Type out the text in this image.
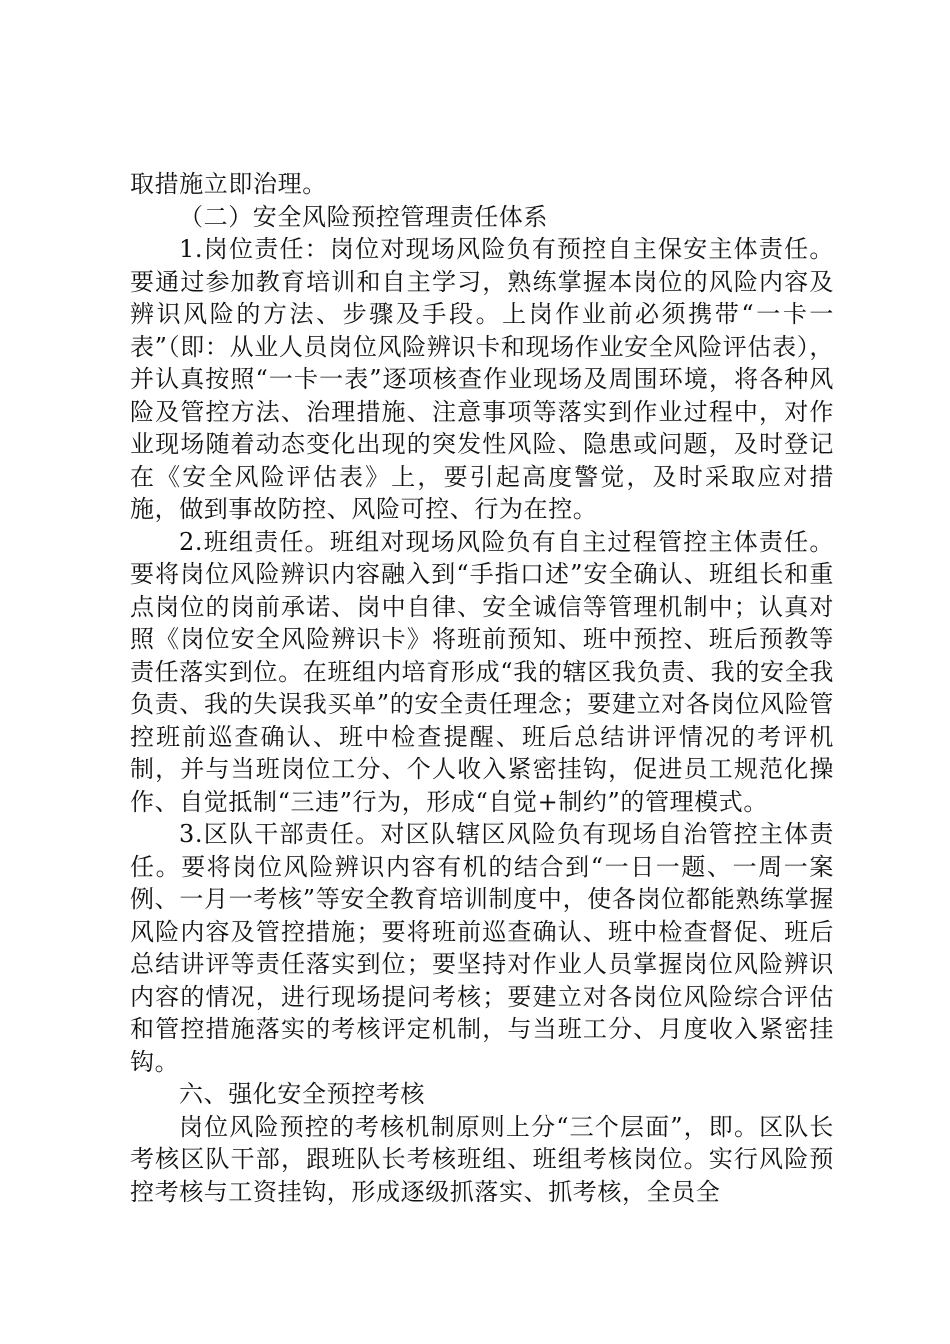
取措施立即治理。

（二）安全风险预控管理责任体系

1.岗位责任：岗位对现场风险负有预控自主保安主体责任。要通过参加教育培训和自主学习，熟练掌握本岗位的风险内容及辨识风险的方法、步骤及手段。上岗作业前必须携带“一卡一表”（即：从业人员岗位风险辨识卡和现场作业安全风险评估表），并认真按照“一卡一表”逐项核查作业现场及周围环境，将各种风险及管控方法、治理措施、注意事项等落实到作业过程中，对作业现场随着动态变化出现的突发性风险、隐患或问题，及时登记在《安全风险评估表》上，要引起高度警觉，及时采取应对措施，做到事故防控、风险可控、行为在控。

2.班组责任。班组对现场风险负有自主过程管控主体责任。要将岗位风险辨识内容融入到“手指口述”安全确认、班组长和重点岗位的岗前承诺、岗中自律、安全诚信等管理机制中；认真对照《岗位安全风险辨识卡》将班前预知、班中预控、班后预教等责任落实到位。在班组内培育形成“我的辖区我负责、我的安全我负责、我的失误我买单”的安全责任理念；要建立对各岗位风险管控班前巡查确认、班中检查提醒、班后总结讲评情况的考评机制，并与当班岗位工分、个人收入紧密挂钩，促进员工规范化操作、自觉抵制“三违”行为，形成“自觉+制约”的管理模式。

3.区队干部责任。对区队辖区风险负有现场自治管控主体责任。要将岗位风险辨识内容有机的结合到“一日一题、一周一案例、一月一考核”等安全教育培训制度中，使各岗位都能熟练掌握风险内容及管控措施；要将班前巡查确认、班中检查督促、班后总结讲评等责任落实到位；要坚持对作业人员掌握岗位风险辨识内容的情况，进行现场提问考核；要建立对各岗位风险综合评估和管控措施落实的考核评定机制，与当班工分、月度收入紧密挂钩。

六、强化安全预控考核

岗位风险预控的考核机制原则上分“三个层面”，即。区队长考核区队干部，跟班队长考核班组、班组考核岗位。实行风险预控考核与工资挂钩，形成逐级抓落实、抓考核，全员全
